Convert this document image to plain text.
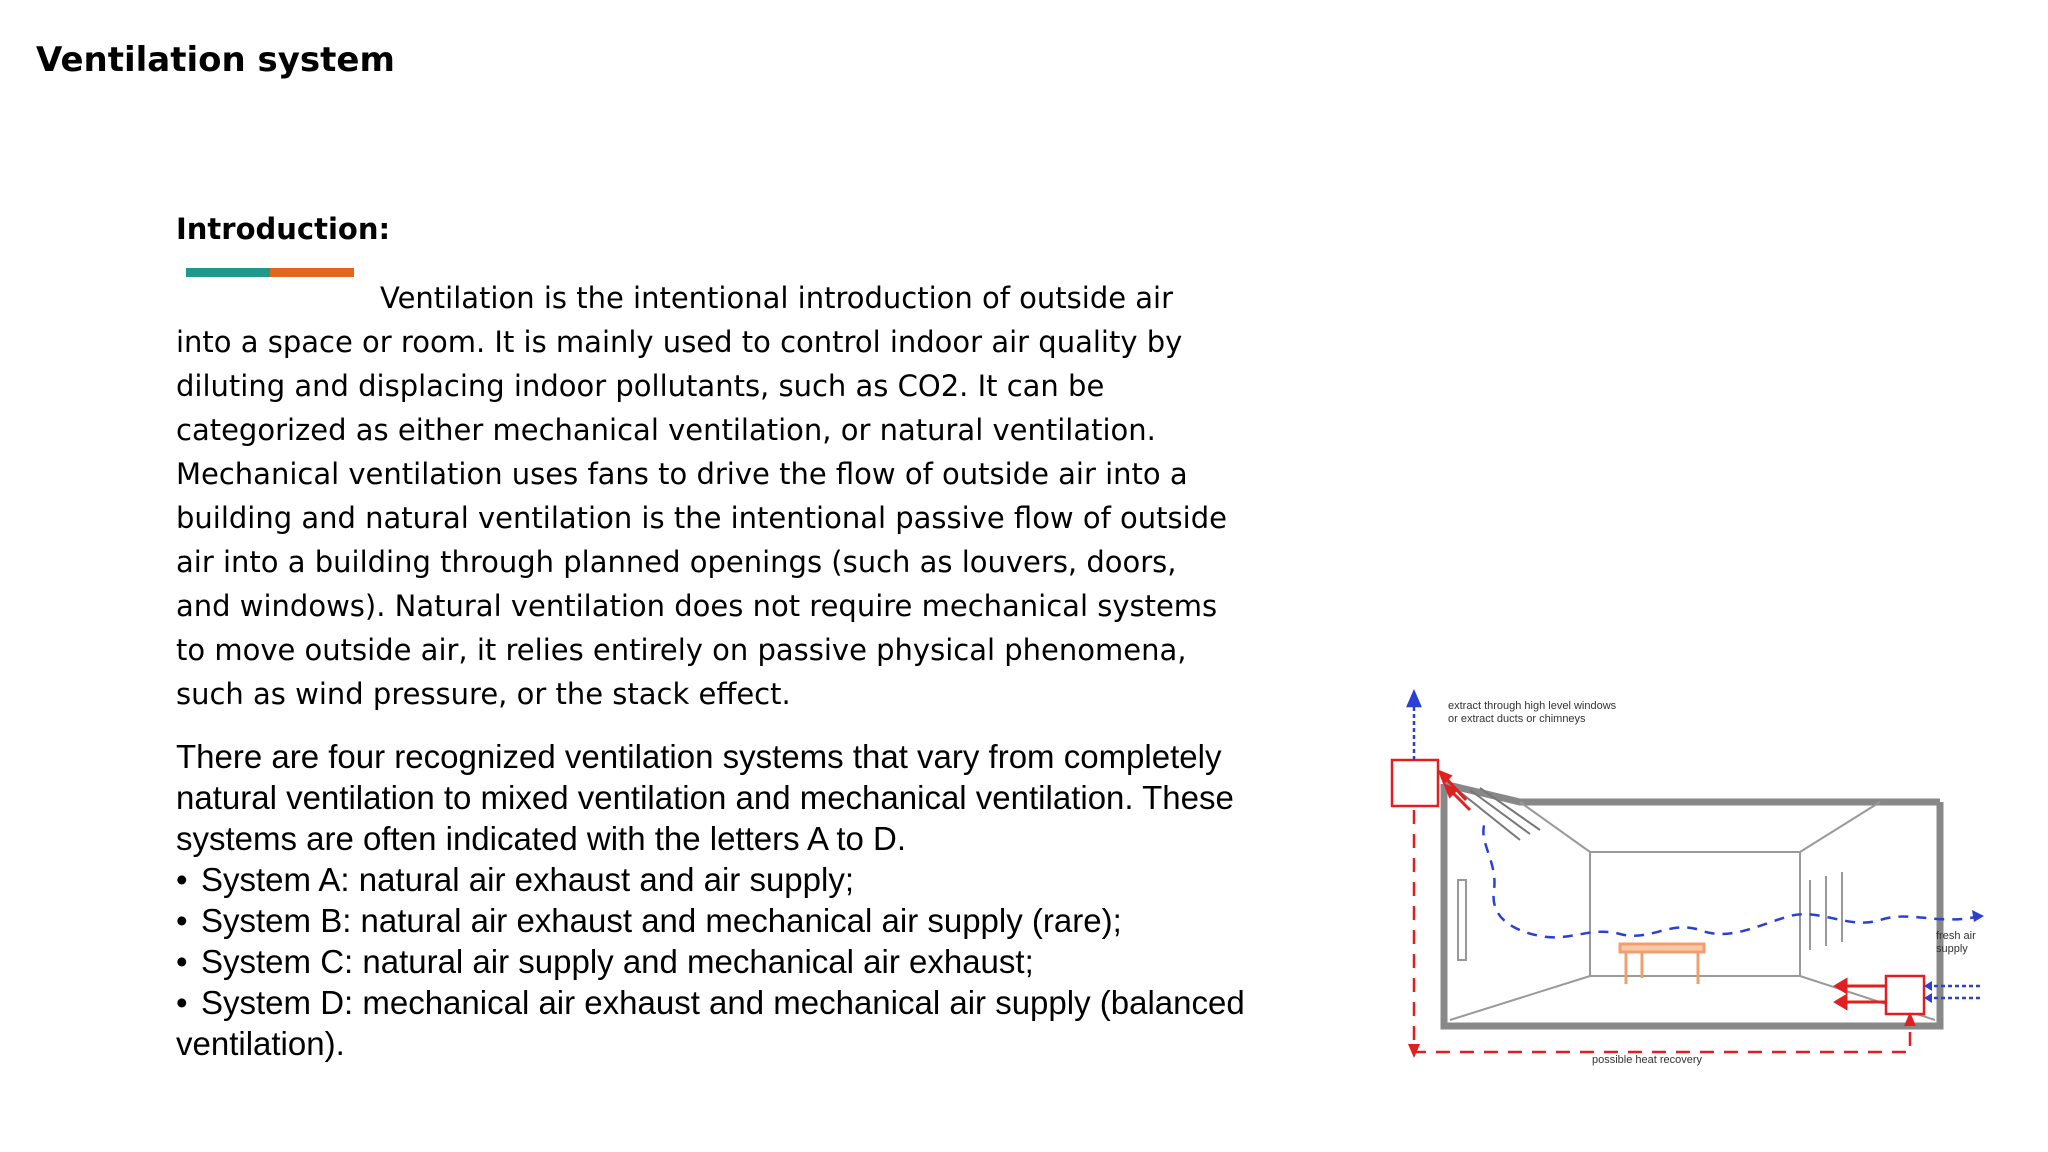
Ventilation system
Introduction:

Ventilation is the intentional introduction of outside air into a space or room. It is mainly used to control indoor air quality by diluting and displacing indoor pollutants, such as CO2. It can be categorized as either mechanical ventilation, or natural ventilation. Mechanical ventilation uses fans to drive the flow of outside air into a building and natural ventilation is the intentional passive flow of outside air into a building through planned openings (such as louvers, doors, and windows). Natural ventilation does not require mechanical systems to move outside air, it relies entirely on passive physical phenomena, such as wind pressure, or the stack effect.

There are four recognized ventilation systems that vary from completely natural ventilation to mixed ventilation and mechanical ventilation. These systems are often indicated with the letters A to D.

• System A: natural air exhaust and air supply;
• System B: natural air exhaust and mechanical air supply (rare);
• System C: natural air supply and mechanical air exhaust;
• System D: mechanical air exhaust and mechanical air supply (balanced ventilation).
extract through high level windows or extract ducts or chimneys
fresh air supply
possible heat recovery
